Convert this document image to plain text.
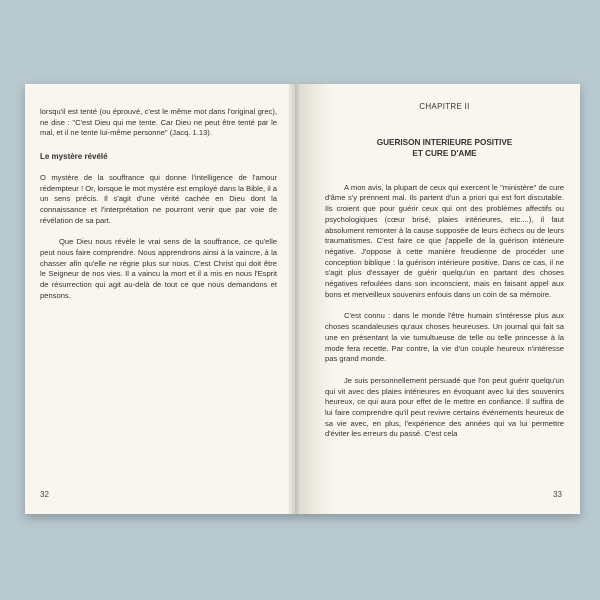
lorsqu'il est tenté (ou éprouvé, c'est le même mot dans l'original grec), ne dise : "C'est Dieu qui me tente. Car Dieu ne peut être tenté par le mal, et il ne tente lui-même personne" (Jacq. 1.13).

Le mystère révélé

O mystère de la souffrance qui donne l'intelligence de l'amour rédempteur ! Or, lorsque le mot mystère est employé dans la Bible, il a un sens précis. Il s'agit d'une vérité cachée en Dieu dont la connaissance et l'interprétation ne pourront venir que par voie de révélation de sa part.

Que Dieu nous révèle le vrai sens de la souffrance, ce qu'elle peut nous faire comprendre. Nous apprendrons ainsi à la vaincre, à la chasser afin qu'elle ne règne plus sur nous. C'est Christ qui doit être le Seigneur de nos vies. Il a vaincu la mort et il a mis en nous l'Esprit de résurrection qui agit au-delà de tout ce que nous demandons et pensons.

32
CHAPITRE II
GUERISON INTERIEURE POSITIVE
ET CURE D'AME

A mon avis, la plupart de ceux qui exercent le "ministère" de cure d'âme s'y prennent mal. Ils partent d'un a priori qui est fort discutable. Ils croient que pour guérir ceux qui ont des problèmes affectifs ou psychologiques (cœur brisé, plaies intérieures, etc....), il faut absolument remonter à la cause supposée de leurs échecs ou de leurs traumatismes. C'est faire ce que j'appelle de la guérison intérieure négative. J'oppose à cette manière freudienne de procéder une conception biblique : la guérison intérieure positive. Dans ce cas, il ne s'agit plus d'essayer de guérir quelqu'un en partant des choses négatives refoulées dans son inconscient, mais en faisant appel aux bons et merveilleux souvenirs enfouis dans un coin de sa mémoire.

C'est connu : dans le monde l'être humain s'intéresse plus aux choses scandaleuses qu'aux choses heureuses. Un journal qui fait sa une en présentant la vie tumultueuse de telle ou telle princesse à la mode fera recette. Par contre, la vie d'un couple heureux n'intéresse pas grand monde.

Je suis personnellement persuadé que l'on peut guérir quelqu'un qui vit avec des plaies intérieures en évoquant avec lui des souvenirs heureux, ce qui aura pour effet de le mettre en confiance. Il suffira de lui faire comprendre qu'il peut revivre certains événements heureux de sa vie avec, en plus, l'expérience des années qui va lui permettre d'éviter les erreurs du passé. C'est cela

33
